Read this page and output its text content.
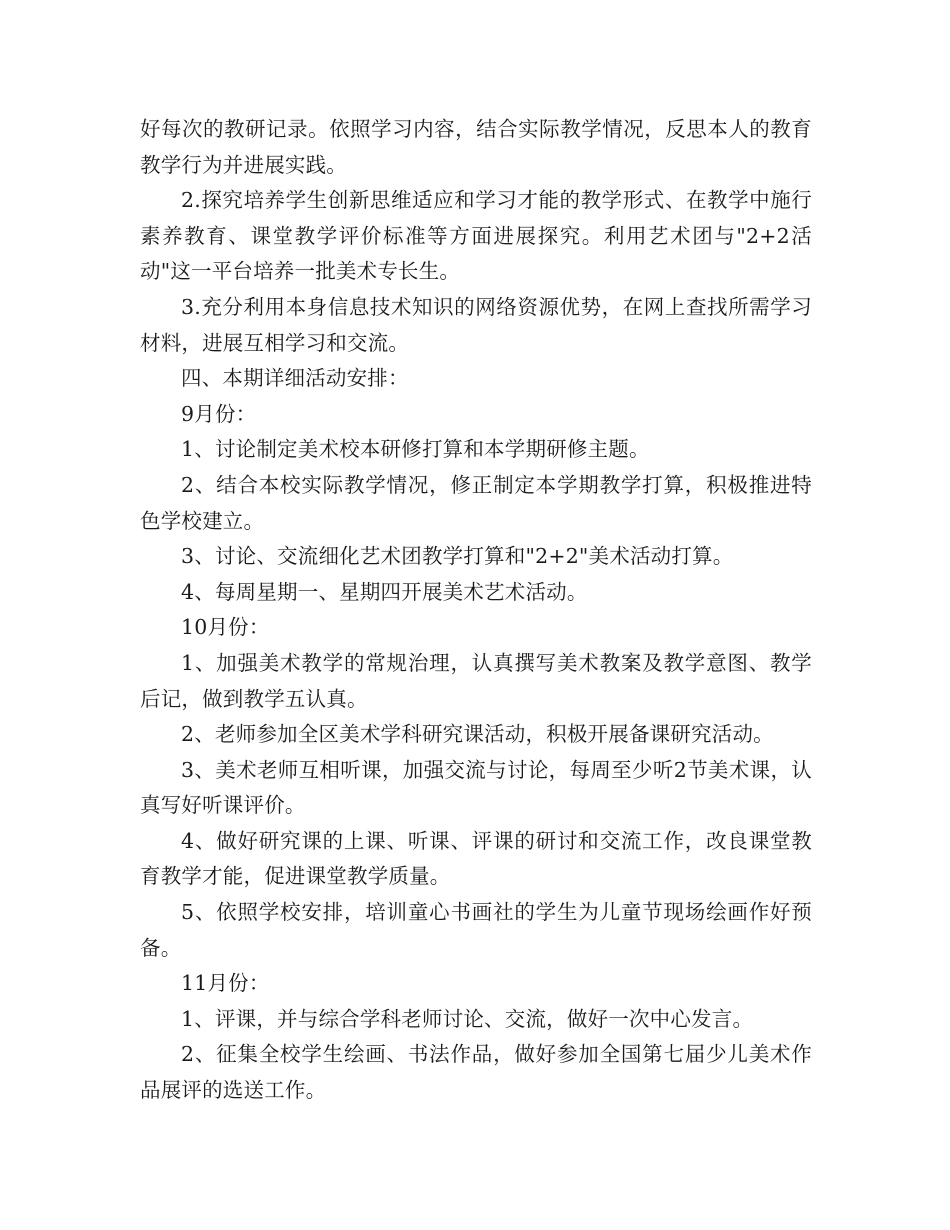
好每次的教研记录。依照学习内容，结合实际教学情况，反思本人的教育教学行为并进展实践。

2.探究培养学生创新思维适应和学习才能的教学形式、在教学中施行素养教育、课堂教学评价标准等方面进展探究。利用艺术团与"2+2活动"这一平台培养一批美术专长生。

3.充分利用本身信息技术知识的网络资源优势，在网上查找所需学习材料，进展互相学习和交流。

四、本期详细活动安排：

9月份：

1、讨论制定美术校本研修打算和本学期研修主题。

2、结合本校实际教学情况，修正制定本学期教学打算，积极推进特色学校建立。

3、讨论、交流细化艺术团教学打算和"2+2"美术活动打算。

4、每周星期一、星期四开展美术艺术活动。

10月份：

1、加强美术教学的常规治理，认真撰写美术教案及教学意图、教学后记，做到教学五认真。

2、老师参加全区美术学科研究课活动，积极开展备课研究活动。

3、美术老师互相听课，加强交流与讨论，每周至少听2节美术课，认真写好听课评价。

4、做好研究课的上课、听课、评课的研讨和交流工作，改良课堂教育教学才能，促进课堂教学质量。

5、依照学校安排，培训童心书画社的学生为儿童节现场绘画作好预备。

11月份：

1、评课，并与综合学科老师讨论、交流，做好一次中心发言。

2、征集全校学生绘画、书法作品，做好参加全国第七届少儿美术作品展评的选送工作。
